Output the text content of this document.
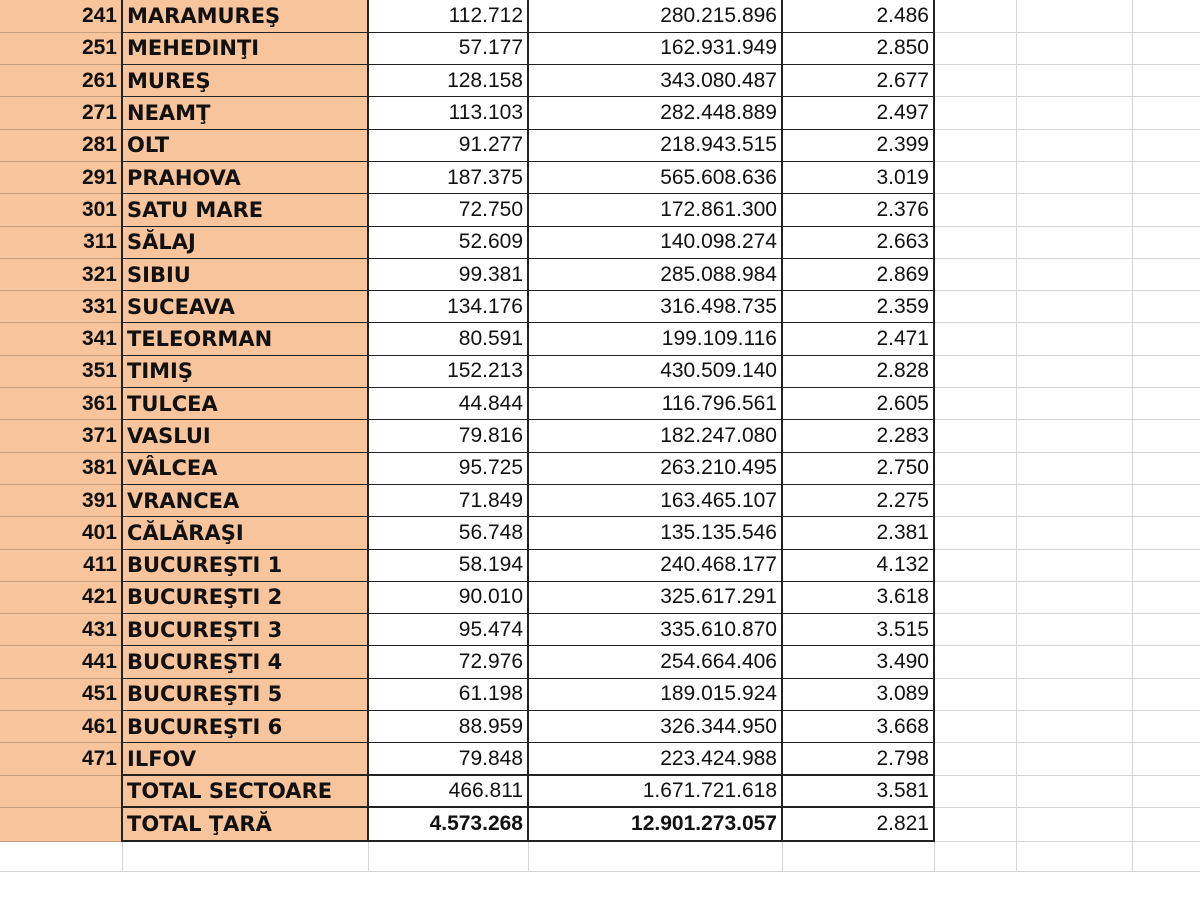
241	MARAMUREŞ	112.712	280.215.896	2.486					
251	MEHEDINŢI	57.177	162.931.949	2.850					
261	MUREŞ	128.158	343.080.487	2.677					
271	NEAMŢ	113.103	282.448.889	2.497					
281	OLT	91.277	218.943.515	2.399					
291	PRAHOVA	187.375	565.608.636	3.019					
301	SATU MARE	72.750	172.861.300	2.376					
311	SĂLAJ	52.609	140.098.274	2.663					
321	SIBIU	99.381	285.088.984	2.869					
331	SUCEAVA	134.176	316.498.735	2.359					
341	TELEORMAN	80.591	199.109.116	2.471					
351	TIMIŞ	152.213	430.509.140	2.828					
361	TULCEA	44.844	116.796.561	2.605					
371	VASLUI	79.816	182.247.080	2.283					
381	VÂLCEA	95.725	263.210.495	2.750					
391	VRANCEA	71.849	163.465.107	2.275					
401	CĂLĂRAŞI	56.748	135.135.546	2.381					
411	BUCUREŞTI 1	58.194	240.468.177	4.132					
421	BUCUREŞTI 2	90.010	325.617.291	3.618					
431	BUCUREŞTI 3	95.474	335.610.870	3.515					
441	BUCUREŞTI 4	72.976	254.664.406	3.490					
451	BUCUREŞTI 5	61.198	189.015.924	3.089					
461	BUCUREŞTI 6	88.959	326.344.950	3.668					
471	ILFOV	79.848	223.424.988	2.798					
	TOTAL SECTOARE	466.811	1.671.721.618	3.581					
	TOTAL ŢARĂ	4.573.268	12.901.273.057	2.821					
